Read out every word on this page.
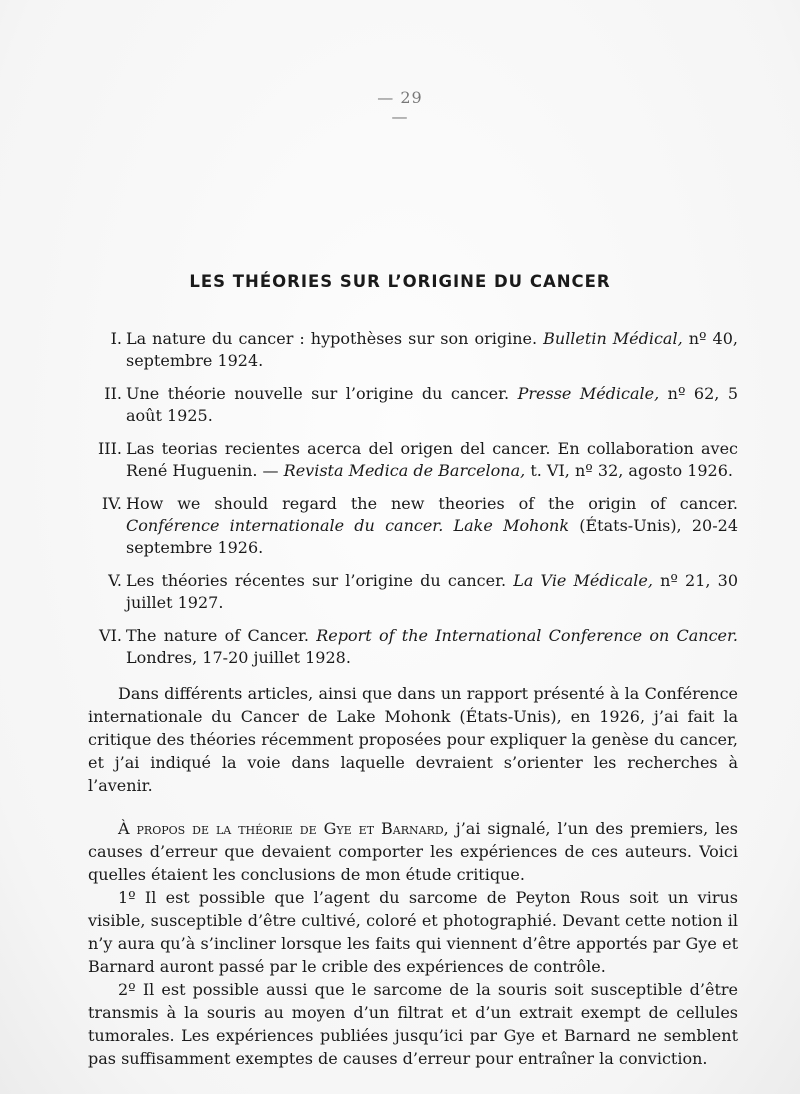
— 29 —
LES THÉORIES SUR L’ORIGINE DU CANCER
I. La nature du cancer : hypothèses sur son origine. Bulletin Médical, nº 40, septembre 1924.
II. Une théorie nouvelle sur l’origine du cancer. Presse Médicale, nº 62, 5 août 1925.
III. Las teorias recientes acerca del origen del cancer. En collaboration avec René Huguenin. — Revista Medica de Barcelona, t. VI, nº 32, agosto 1926.
IV. How we should regard the new theories of the origin of cancer. Conférence internationale du cancer. Lake Mohonk (États-Unis), 20-24 septembre 1926.
V. Les théories récentes sur l’origine du cancer. La Vie Médicale, nº 21, 30 juillet 1927.
VI. The nature of Cancer. Report of the International Conference on Cancer. Londres, 17-20 juillet 1928.

Dans différents articles, ainsi que dans un rapport présenté à la Conférence internationale du Cancer de Lake Mohonk (États-Unis), en 1926, j’ai fait la critique des théories récemment proposées pour expliquer la genèse du cancer, et j’ai indiqué la voie dans laquelle devraient s’orienter les recherches à l’avenir.

À propos de la théorie de Gye et Barnard, j’ai signalé, l’un des premiers, les causes d’erreur que devaient comporter les expériences de ces auteurs. Voici quelles étaient les conclusions de mon étude critique.

1º Il est possible que l’agent du sarcome de Peyton Rous soit un virus visible, susceptible d’être cultivé, coloré et photographié. Devant cette notion il n’y aura qu’à s’incliner lorsque les faits qui viennent d’être apportés par Gye et Barnard auront passé par le crible des expériences de contrôle.

2º Il est possible aussi que le sarcome de la souris soit susceptible d’être transmis à la souris au moyen d’un filtrat et d’un extrait exempt de cellules tumorales. Les expériences publiées jusqu’ici par Gye et Barnard ne semblent pas suffisamment exemptes de causes d’erreur pour entraîner la conviction.
